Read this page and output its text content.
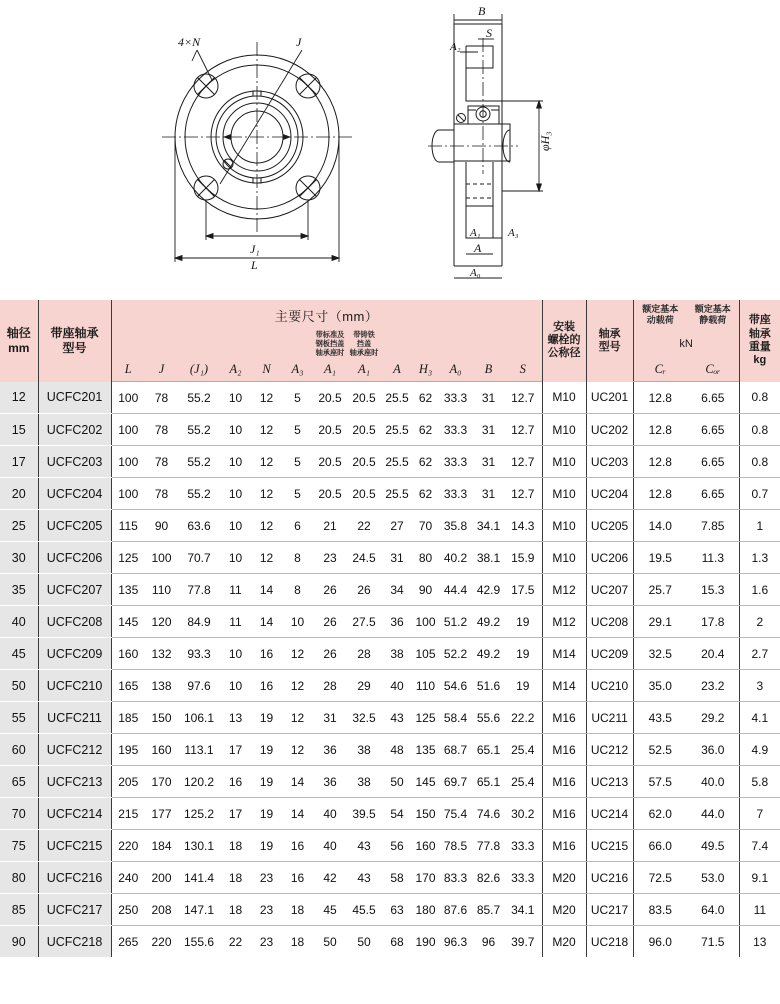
4×N	J
J₁
L
B
S
A₂
φH₃
A₁ A₃
A
A₀
轴径
mm

带座轴承
型号
	主要尺寸（mm）	
安装
螺栓的
公称径

轴承
型号

额定基本
动载荷

额定基本
静载荷	带座
轴承
重量
kg

带标准及
钢板挡盖
轴承座时

带铸铁
挡盖
轴承座时
		kN
		L	J	(J₁)	A₂	N	A₃	A₁	A₁	A	H₃	A₀	B	S			Cᵣ	Cₒᵣ	
12	UCFC201	100	78	55.2	10	12	5	20.5	20.5	25.5	62	33.3	31	12.7	M10	UC201	12.8	6.65	0.8
15	UCFC202	100	78	55.2	10	12	5	20.5	20.5	25.5	62	33.3	31	12.7	M10	UC202	12.8	6.65	0.8
17	UCFC203	100	78	55.2	10	12	5	20.5	20.5	25.5	62	33.3	31	12.7	M10	UC203	12.8	6.65	0.8
20	UCFC204	100	78	55.2	10	12	5	20.5	20.5	25.5	62	33.3	31	12.7	M10	UC204	12.8	6.65	0.7
25	UCFC205	115	90	63.6	10	12	6	21	22	27	70	35.8	34.1	14.3	M10	UC205	14.0	7.85	1
30	UCFC206	125	100	70.7	10	12	8	23	24.5	31	80	40.2	38.1	15.9	M10	UC206	19.5	11.3	1.3
35	UCFC207	135	110	77.8	11	14	8	26	26	34	90	44.4	42.9	17.5	M12	UC207	25.7	15.3	1.6
40	UCFC208	145	120	84.9	11	14	10	26	27.5	36	100	51.2	49.2	19	M12	UC208	29.1	17.8	2
45	UCFC209	160	132	93.3	10	16	12	26	28	38	105	52.2	49.2	19	M14	UC209	32.5	20.4	2.7
50	UCFC210	165	138	97.6	10	16	12	28	29	40	110	54.6	51.6	19	M14	UC210	35.0	23.2	3
55	UCFC211	185	150	106.1	13	19	12	31	32.5	43	125	58.4	55.6	22.2	M16	UC211	43.5	29.2	4.1
60	UCFC212	195	160	113.1	17	19	12	36	38	48	135	68.7	65.1	25.4	M16	UC212	52.5	36.0	4.9
65	UCFC213	205	170	120.2	16	19	14	36	38	50	145	69.7	65.1	25.4	M16	UC213	57.5	40.0	5.8
70	UCFC214	215	177	125.2	17	19	14	40	39.5	54	150	75.4	74.6	30.2	M16	UC214	62.0	44.0	7
75	UCFC215	220	184	130.1	18	19	16	40	43	56	160	78.5	77.8	33.3	M16	UC215	66.0	49.5	7.4
80	UCFC216	240	200	141.4	18	23	16	42	43	58	170	83.3	82.6	33.3	M20	UC216	72.5	53.0	9.1
85	UCFC217	250	208	147.1	18	23	18	45	45.5	63	180	87.6	85.7	34.1	M20	UC217	83.5	64.0	11
90	UCFC218	265	220	155.6	22	23	18	50	50	68	190	96.3	96	39.7	M20	UC218	96.0	71.5	13
